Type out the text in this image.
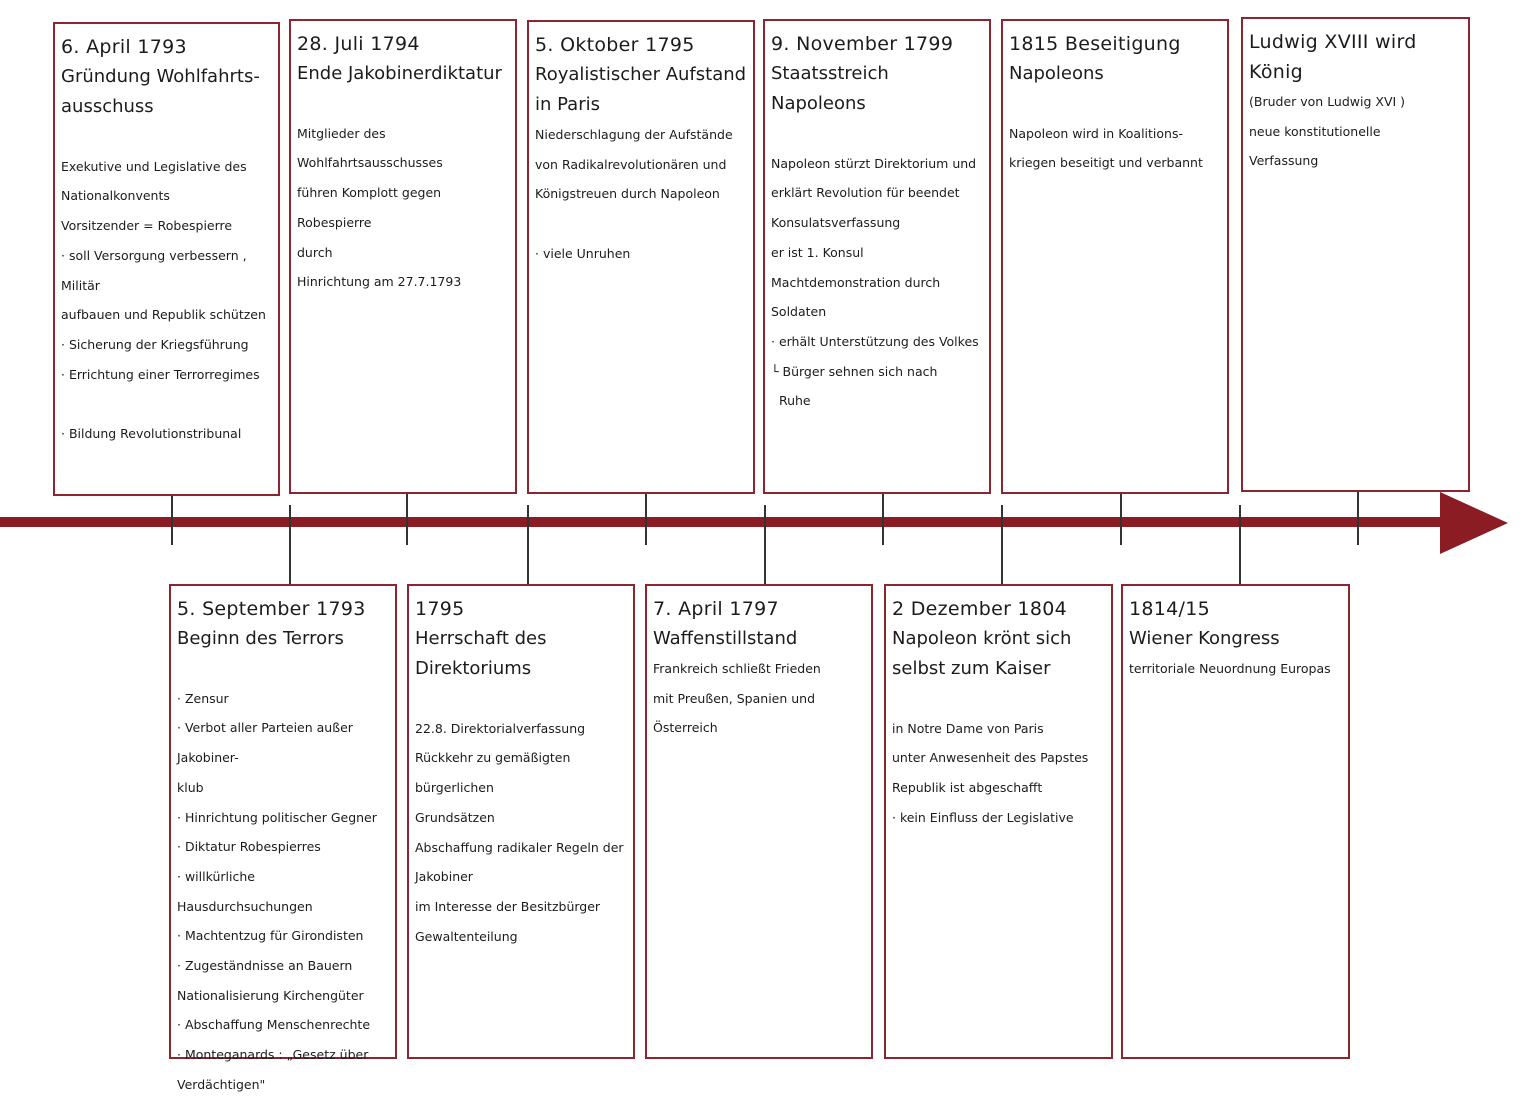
6. April 1793
Gründung Wohlfahrts-ausschuss

Exekutive und Legislative des
Nationalkonvents
Vorsitzender = Robespierre
· soll Versorgung verbessern , Militär
aufbauen und Republik schützen
· Sicherung der Kriegsführung
· Errichtung einer Terrorregimes

· Bildung Revolutionstribunal
28. Juli 1794
Ende Jakobinerdiktatur

Mitglieder des Wohlfahrtsausschusses
führen Komplott gegen Robespierre
durch
Hinrichtung am 27.7.1793
5. Oktober 1795
Royalistischer Aufstand in Paris
Niederschlagung der Aufstände
von Radikalrevolutionären und
Königstreuen durch Napoleon

· viele Unruhen
9. November 1799
Staatsstreich Napoleons

Napoleon stürzt Direktorium und
erklärt Revolution für beendet
Konsulatsverfassung
er ist 1. Konsul
Machtdemonstration durch Soldaten
· erhält Unterstützung des Volkes
└ Bürger sehnen sich nach
Ruhe
1815 Beseitigung
Napoleons

Napoleon wird in Koalitions-
kriegen beseitigt und verbannt
Ludwig XVIII wird König
(Bruder von Ludwig XVI )
neue konstitutionelle
Verfassung
5. September 1793
Beginn des Terrors

· Zensur
· Verbot aller Parteien außer Jakobiner-
klub
· Hinrichtung politischer Gegner
· Diktatur Robespierres
· willkürliche Hausdurchsuchungen
· Machtentzug für Girondisten
· Zugeständnisse an Bauern
Nationalisierung Kirchengüter
· Abschaffung Menschenrechte
· Monteganards : „Gesetz über
Verdächtigen"
1795
Herrschaft des Direktoriums

22.8. Direktorialverfassung
Rückkehr zu gemäßigten bürgerlichen
Grundsätzen
Abschaffung radikaler Regeln der
Jakobiner
im Interesse der Besitzbürger
Gewaltenteilung
7. April 1797
Waffenstillstand
Frankreich schließt Frieden
mit Preußen, Spanien und
Österreich
2 Dezember 1804
Napoleon krönt sich selbst zum Kaiser

in Notre Dame von Paris
unter Anwesenheit des Papstes
Republik ist abgeschafft
· kein Einfluss der Legislative
1814/15
Wiener Kongress
territoriale Neuordnung Europas
